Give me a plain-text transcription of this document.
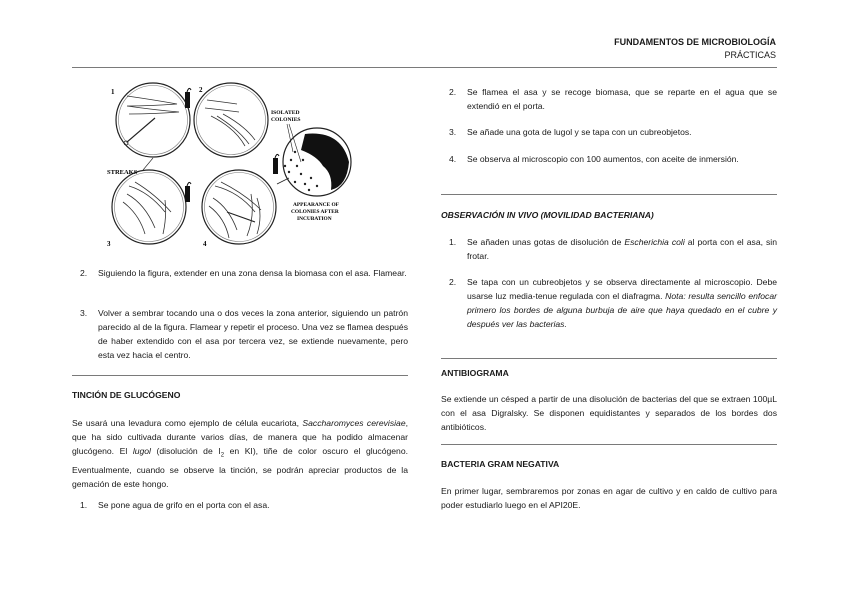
FUNDAMENTOS DE MICROBIOLOGÍA
PRÁCTICAS
1	2
3	4
STREAKS
ISOLATED
COLONIES
APPEARANCE OF
COLONIES AFTER
INCUBATION
2. Siguiendo la figura, extender en una zona densa la biomasa con el asa. Flamear.
3. Volver a sembrar tocando una o dos veces la zona anterior, siguiendo un patrón parecido al de la figura. Flamear y repetir el proceso. Una vez se flamea después de haber extendido con el asa por tercera vez, se extiende nuevamente, pero esta vez hacia el centro.
TINCIÓN DE GLUCÓGENO
Se usará una levadura como ejemplo de célula eucariota, Saccharomyces cerevisiae, que ha sido cultivada durante varios días, de manera que ha podido almacenar glucógeno. El lugol (disolución de $I_2$ en KI), tiñe de color oscuro el glucógeno. Eventualmente, cuando se observe la tinción, se podrán apreciar productos de la gemación de este hongo.
1. Se pone agua de grifo en el porta con el asa.
2. Se flamea el asa y se recoge biomasa, que se reparte en el agua que se extendió en el porta.
3. Se añade una gota de lugol y se tapa con un cubreobjetos.
4. Se observa al microscopio con 100 aumentos, con aceite de inmersión.
OBSERVACIÓN IN VIVO (MOVILIDAD BACTERIANA)
1. Se añaden unas gotas de disolución de Escherichia coli al porta con el asa, sin frotar.
2. Se tapa con un cubreobjetos y se observa directamente al microscopio. Debe usarse luz media-tenue regulada con el diafragma. Nota: resulta sencillo enfocar primero los bordes de alguna burbuja de aire que haya quedado en el cubre y después ver las bacterias.
ANTIBIOGRAMA
Se extiende un césped a partir de una disolución de bacterias del que se extraen 100µL con el asa Digralsky. Se disponen equidistantes y separados de los bordes dos antibióticos.
BACTERIA GRAM NEGATIVA
En primer lugar, sembraremos por zonas en agar de cultivo y en caldo de cultivo para poder estudiarlo luego en el API20E.
